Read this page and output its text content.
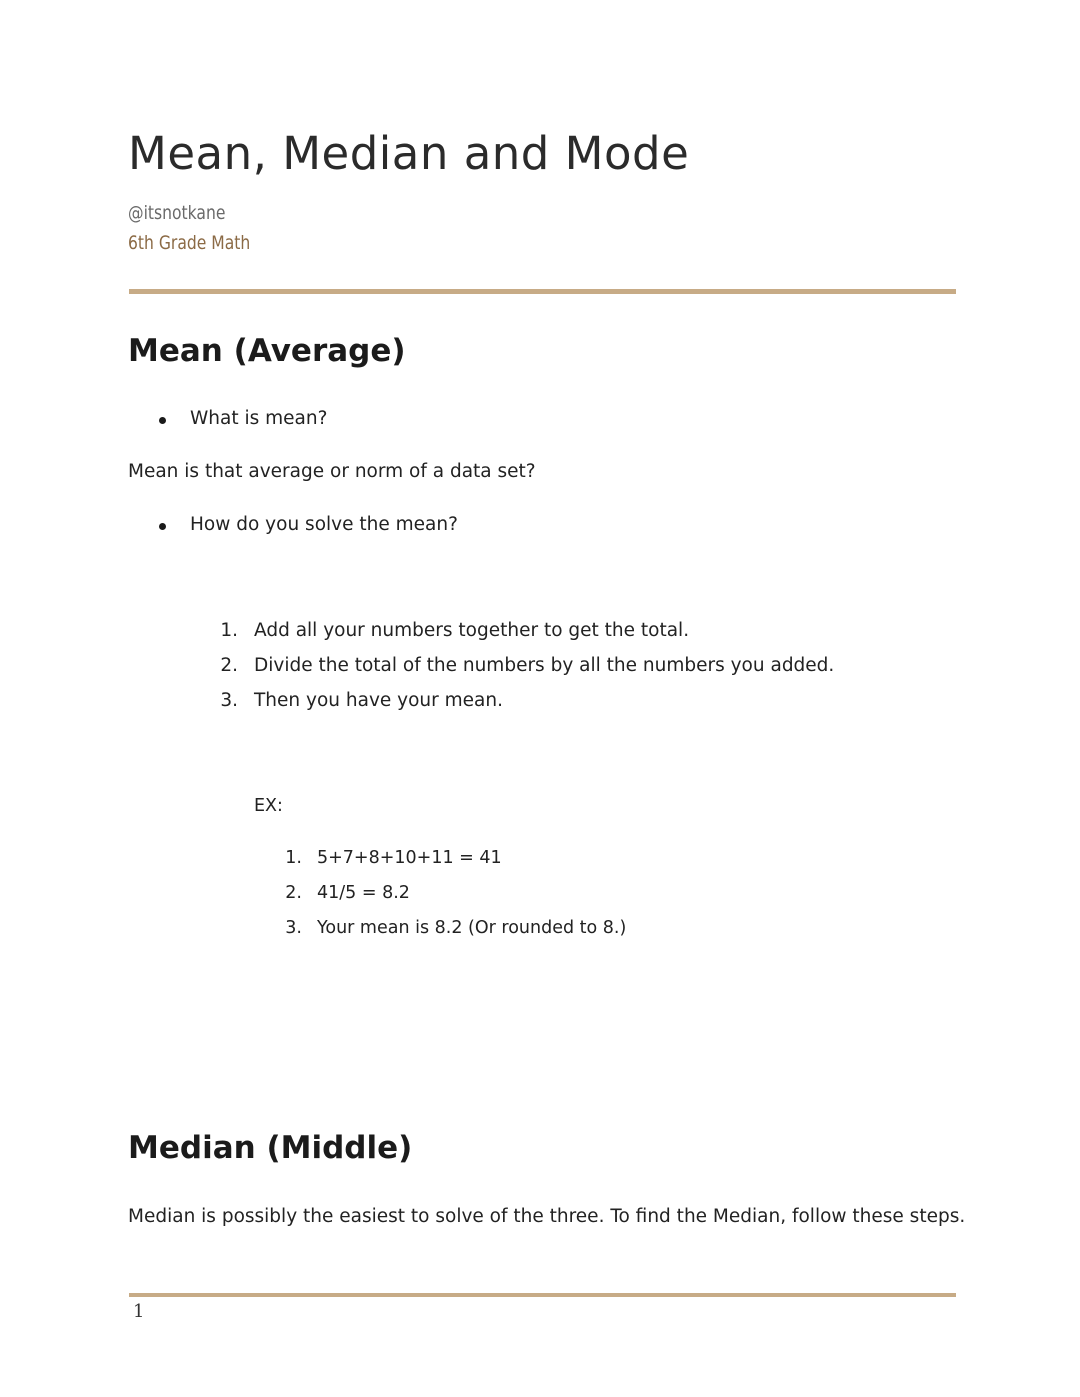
Mean, Median and Mode
@itsnotkane
6th Grade Math
Mean (Average)
What is mean?
Mean is that average or norm of a data set?
How do you solve the mean?
1. Add all your numbers together to get the total.
2. Divide the total of the numbers by all the numbers you added.
3. Then you have your mean.
EX:
1. 5+7+8+10+11 = 41
2. 41/5 = 8.2
3. Your mean is 8.2 (Or rounded to 8.)
Median (Middle)
Median is possibly the easiest to solve of the three. To find the Median, follow these steps.
1
